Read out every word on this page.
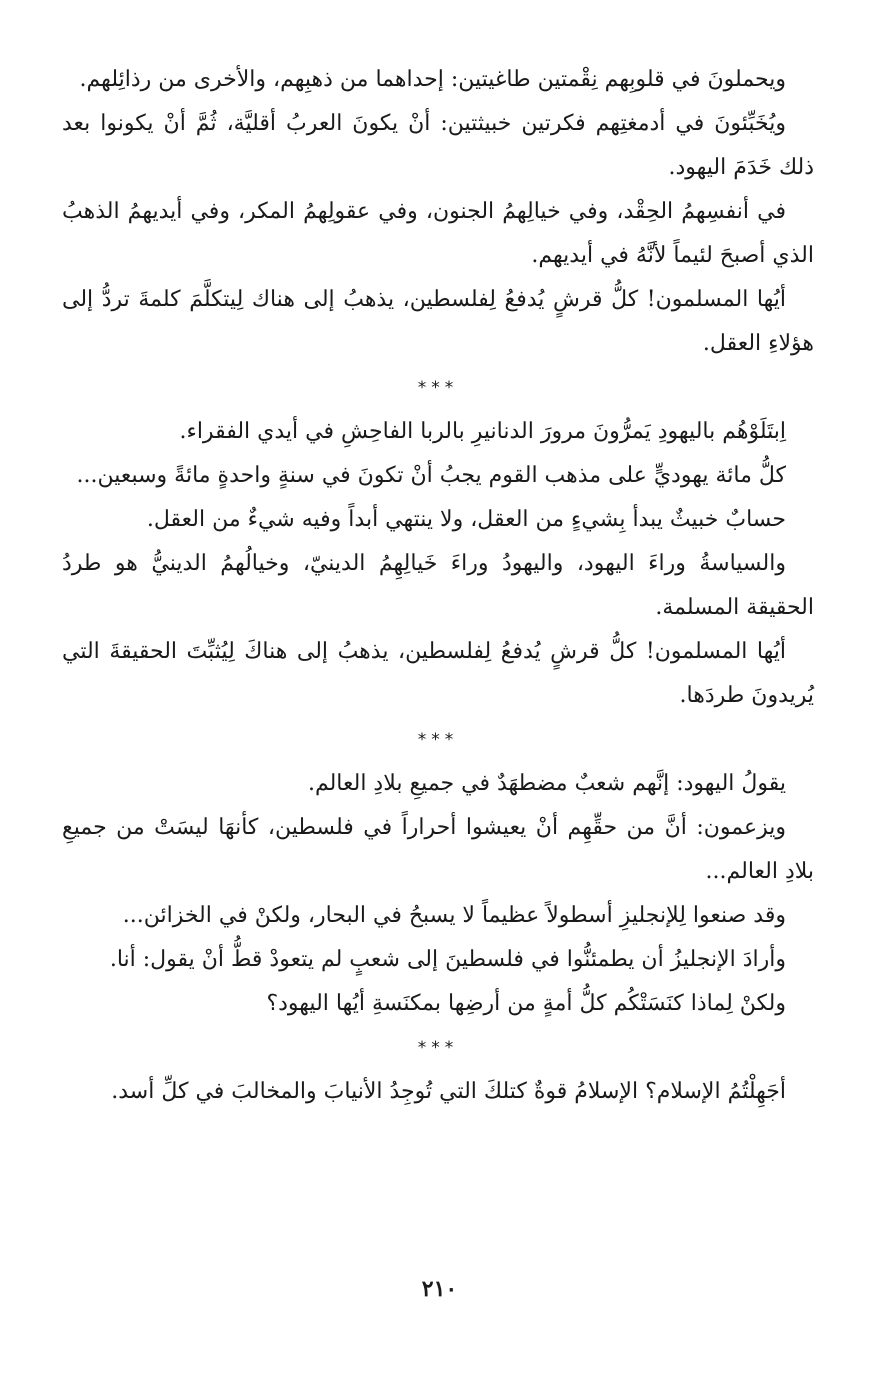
ويحملونَ في قلوبِهم نِقْمتين طاغيتين: إحداهما من ذهبِهم، والأخرى من رذائِلهم.

ويُخَبِّئونَ في أدمغتِهم فكرتين خبيثتين: أنْ يكونَ العربُ أقليَّة، ثُمَّ أنْ يكونوا بعد ذلك خَدَمَ اليهود.

في أنفسِهمُ الحِقْد، وفي خيالِهمُ الجنون، وفي عقولِهمُ المكر، وفي أيديهمُ الذهبُ الذي أصبحَ لئيماً لأنَّهُ في أيديهم.

أيُها المسلمون! كلُّ قرشٍ يُدفعُ لِفلسطين، يذهبُ إلى هناك لِيتكلَّمَ كلمةَ تردُّ إلى هؤلاءِ العقل.

***

اِبتَلَوْهُم باليهودِ يَمرُّونَ مرورَ الدنانيرِ بالربا الفاحِشِ في أيدي الفقراء.

كلُّ مائة يهوديٍّ على مذهب القوم يجبُ أنْ تكونَ في سنةٍ واحدةٍ مائةً وسبعين...

حسابٌ خبيثٌ يبدأ بِشيءٍ من العقل، ولا ينتهي أبداً وفيه شيءٌ من العقل.

والسياسةُ وراءَ اليهود، واليهودُ وراءَ خَيالِهِمُ الدينيّ، وخيالُهمُ الدينيُّ هو طردُ الحقيقة المسلمة.

أيُها المسلمون! كلُّ قرشٍ يُدفعُ لِفلسطين، يذهبُ إلى هناكَ لِيُثبِّتَ الحقيقةَ التي يُريدونَ طردَها.

***

يقولُ اليهود: إنَّهم شعبٌ مضطهَدٌ في جميعِ بلادِ العالم.

ويزعمون: أنَّ من حقِّهِم أنْ يعيشوا أحراراً في فلسطين، كأنهَا ليسَتْ من جميعِ بلادِ العالم...

وقد صنعوا لِلإنجليزِ أسطولاً عظيماً لا يسبحُ في البحار، ولكنْ في الخزائن...

وأرادَ الإنجليزُ أن يطمئنُّوا في فلسطينَ إلى شعبٍ لم يتعودْ قطُّ أنْ يقول: أنا.

ولكنْ لِماذا كنَسَتْكُم كلُّ أمةٍ من أرضِها بمكنَسةِ أيُها اليهود؟

***

أجَهِلْتُمُ الإسلام؟ الإسلامُ قوةٌ كتلكَ التي تُوجِدُ الأنيابَ والمخالبَ في كلِّ أسد.

٢١٠
